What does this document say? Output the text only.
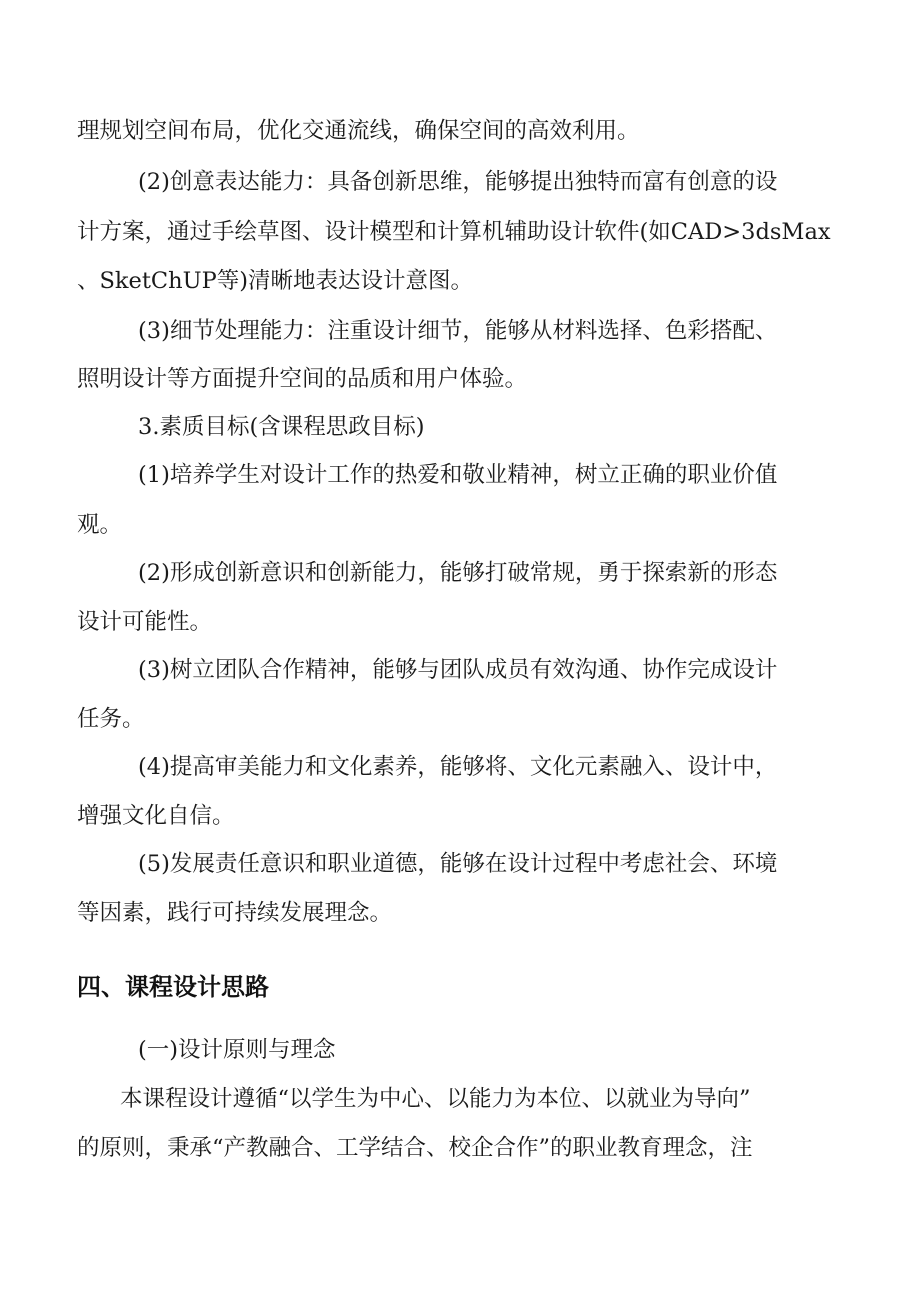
理规划空间布局，优化交通流线，确保空间的高效利用。
(2)创意表达能力：具备创新思维，能够提出独特而富有创意的设
计方案，通过手绘草图、设计模型和计算机辅助设计软件(如CAD>3dsMax
、SketChUP等)清晰地表达设计意图。
(3)细节处理能力：注重设计细节，能够从材料选择、色彩搭配、
照明设计等方面提升空间的品质和用户体验。
3.素质目标(含课程思政目标)
(1)培养学生对设计工作的热爱和敬业精神，树立正确的职业价值
观。
(2)形成创新意识和创新能力，能够打破常规，勇于探索新的形态
设计可能性。
(3)树立团队合作精神，能够与团队成员有效沟通、协作完成设计
任务。
(4)提高审美能力和文化素养，能够将、文化元素融入、设计中，
增强文化自信。
(5)发展责任意识和职业道德，能够在设计过程中考虑社会、环境
等因素，践行可持续发展理念。
四、课程设计思路
(一)设计原则与理念
本课程设计遵循“以学生为中心、以能力为本位、以就业为导向”
的原则，秉承“产教融合、工学结合、校企合作”的职业教育理念，注
